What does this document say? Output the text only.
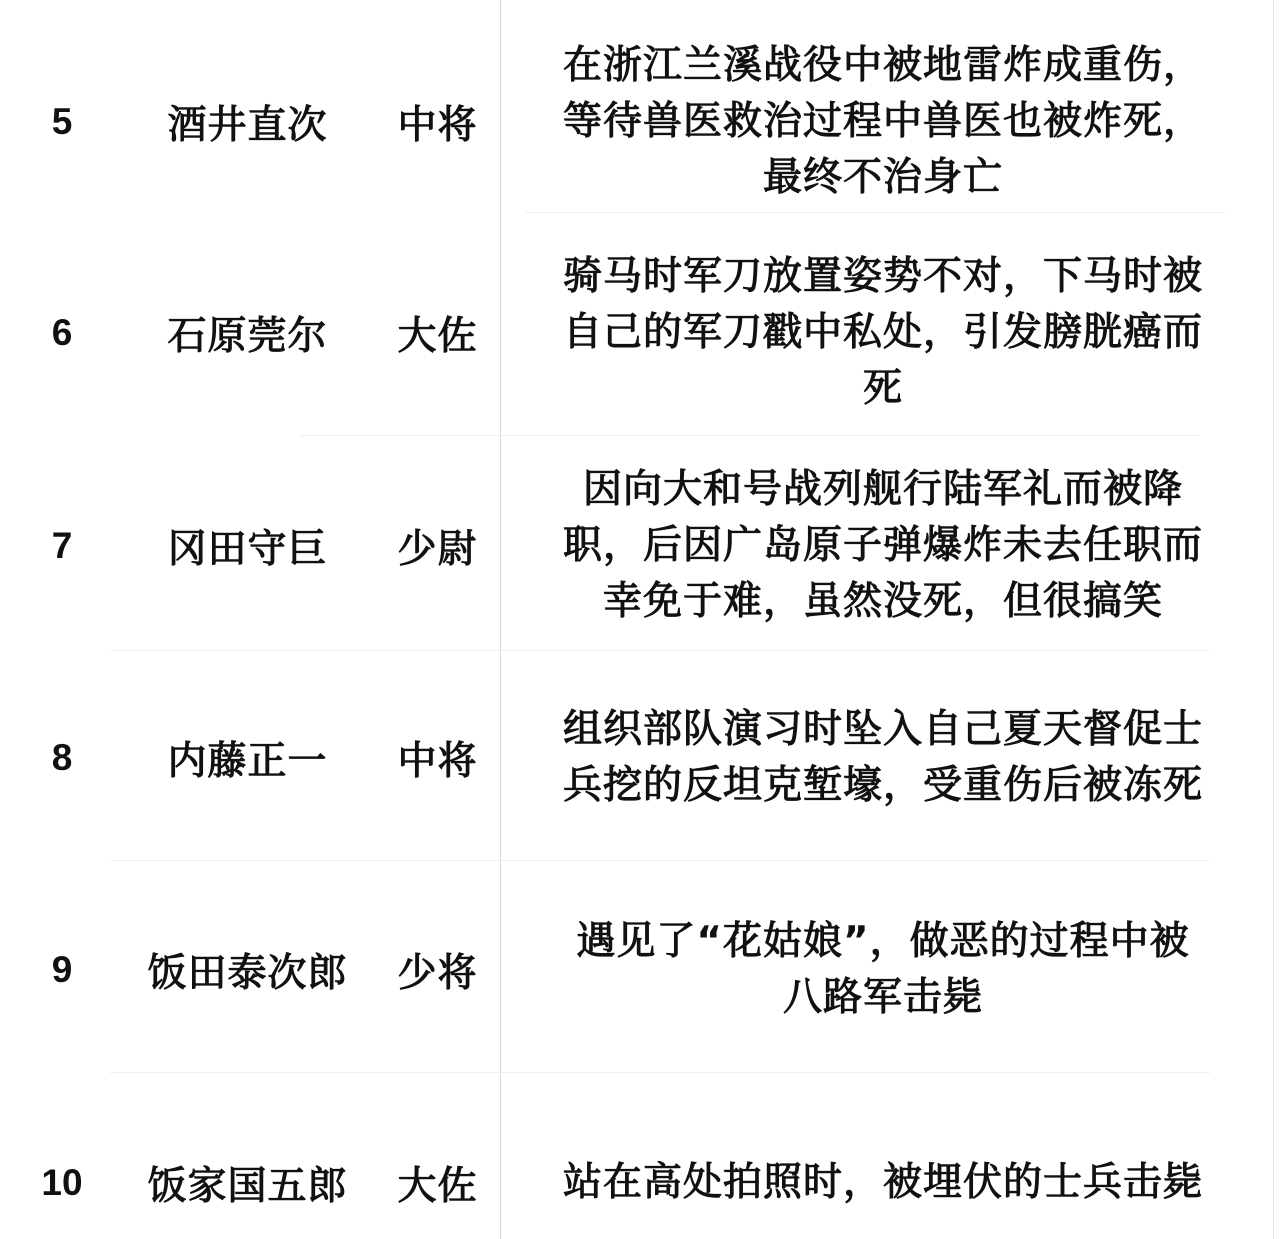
5	酒井直次	中将
在浙江兰溪战役中被地雷炸成重伤，
等待兽医救治过程中兽医也被炸死，
最终不治身亡
6	石原莞尔	大佐
骑马时军刀放置姿势不对，下马时被
自己的军刀戳中私处，引发膀胱癌而
死
7	冈田守巨	少尉
因向大和号战列舰行陆军礼而被降
职，后因广岛原子弹爆炸未去任职而
幸免于难，虽然没死，但很搞笑
8	内藤正一	中将
组织部队演习时坠入自己夏天督促士
兵挖的反坦克堑壕，受重伤后被冻死
9	饭田泰次郎	少将
遇见了“花姑娘”，做恶的过程中被
八路军击毙
10	饭家国五郎	大佐	站在高处拍照时，被埋伏的士兵击毙
